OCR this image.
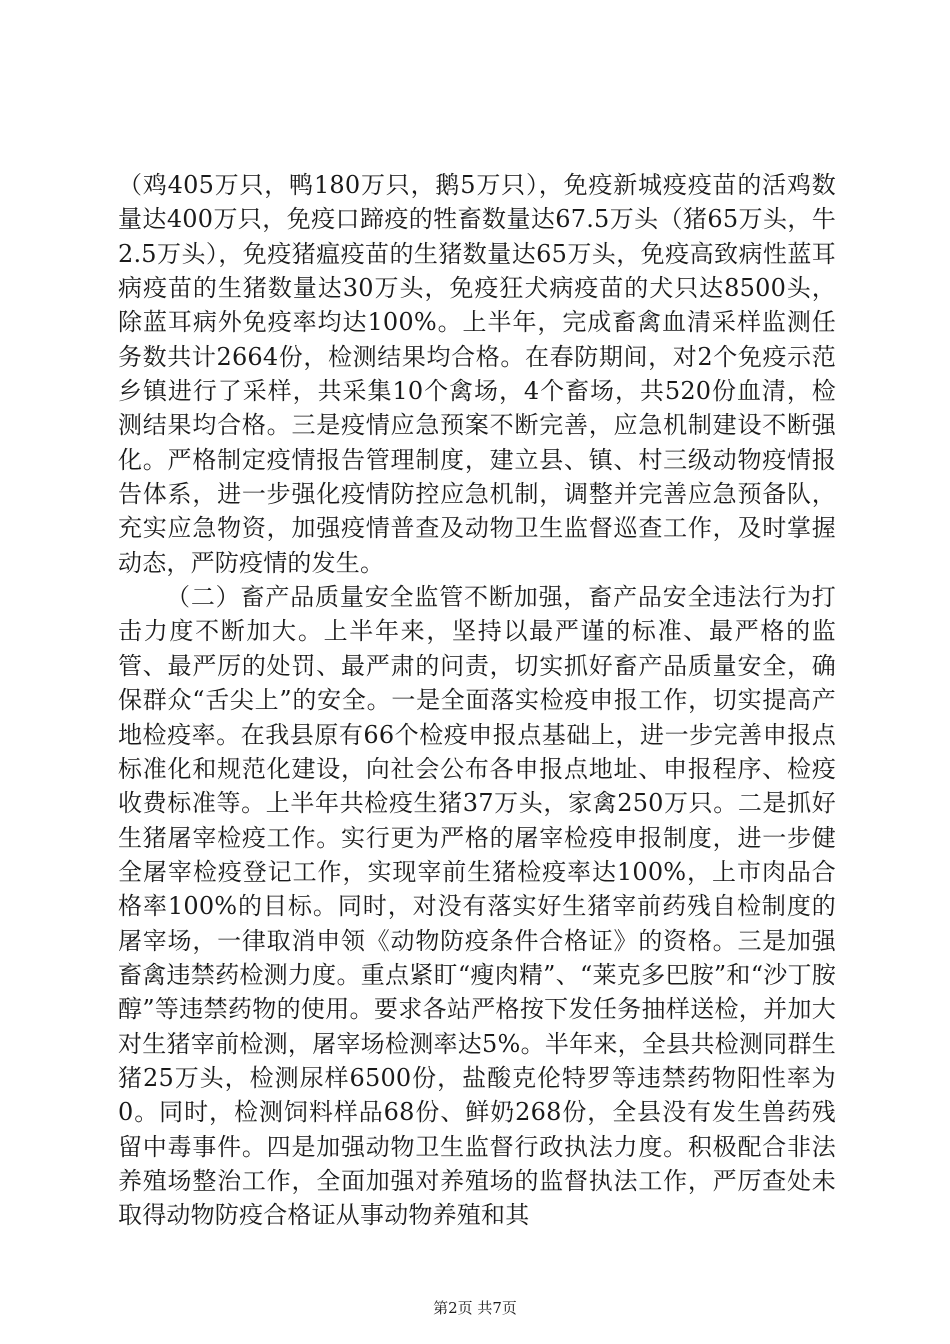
（鸡405万只，鸭180万只，鹅5万只），免疫新城疫疫苗的活鸡数量达400万只，免疫口蹄疫的牲畜数量达67.5万头（猪65万头，牛2.5万头），免疫猪瘟疫苗的生猪数量达65万头，免疫高致病性蓝耳病疫苗的生猪数量达30万头，免疫狂犬病疫苗的犬只达8500头，除蓝耳病外免疫率均达100%。上半年，完成畜禽血清采样监测任务数共计2664份，检测结果均合格。在春防期间，对2个免疫示范乡镇进行了采样，共采集10个禽场，4个畜场，共520份血清，检测结果均合格。三是疫情应急预案不断完善，应急机制建设不断强化。严格制定疫情报告管理制度，建立县、镇、村三级动物疫情报告体系，进一步强化疫情防控应急机制，调整并完善应急预备队，充实应急物资，加强疫情普查及动物卫生监督巡查工作，及时掌握动态，严防疫情的发生。

（二）畜产品质量安全监管不断加强，畜产品安全违法行为打击力度不断加大。上半年来，坚持以最严谨的标准、最严格的监管、最严厉的处罚、最严肃的问责，切实抓好畜产品质量安全，确保群众“舌尖上”的安全。一是全面落实检疫申报工作，切实提高产地检疫率。在我县原有66个检疫申报点基础上，进一步完善申报点标准化和规范化建设，向社会公布各申报点地址、申报程序、检疫收费标准等。上半年共检疫生猪37万头，家禽250万只。二是抓好生猪屠宰检疫工作。实行更为严格的屠宰检疫申报制度，进一步健全屠宰检疫登记工作，实现宰前生猪检疫率达100%，上市肉品合格率100%的目标。同时，对没有落实好生猪宰前药残自检制度的屠宰场，一律取消申领《动物防疫条件合格证》的资格。三是加强畜禽违禁药检测力度。重点紧盯“瘦肉精”、“莱克多巴胺”和“沙丁胺醇”等违禁药物的使用。要求各站严格按下发任务抽样送检，并加大对生猪宰前检测，屠宰场检测率达5%。半年来，全县共检测同群生猪25万头，检测尿样6500份，盐酸克伦特罗等违禁药物阳性率为0。同时，检测饲料样品68份、鲜奶268份，全县没有发生兽药残留中毒事件。四是加强动物卫生监督行政执法力度。积极配合非法养殖场整治工作，全面加强对养殖场的监督执法工作，严厉查处未取得动物防疫合格证从事动物养殖和其

第2页 共7页
